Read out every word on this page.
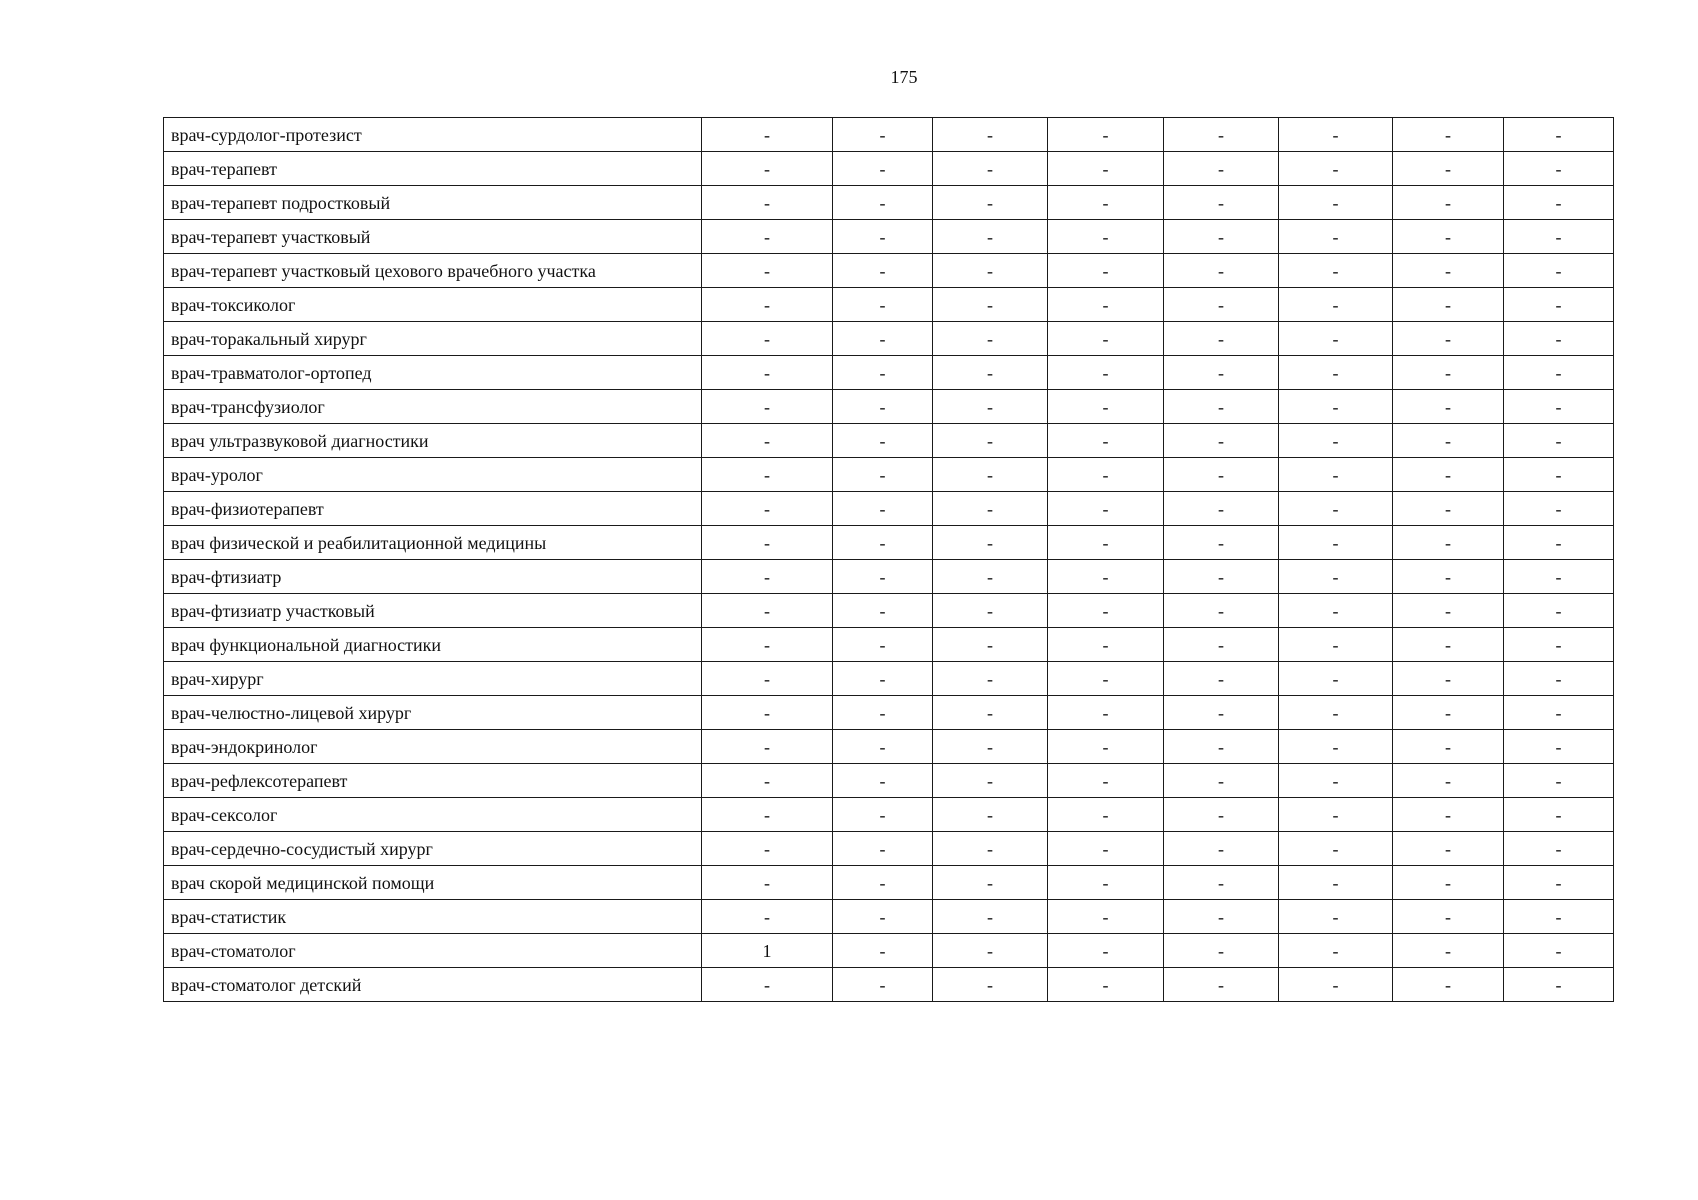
175
врач-сурдолог-протезист	-	-	-	-	-	-	-	-
врач-терапевт	-	-	-	-	-	-	-	-
врач-терапевт подростковый	-	-	-	-	-	-	-	-
врач-терапевт участковый	-	-	-	-	-	-	-	-
врач-терапевт участковый цехового врачебного участка	-	-	-	-	-	-	-	-
врач-токсиколог	-	-	-	-	-	-	-	-
врач-торакальный хирург	-	-	-	-	-	-	-	-
врач-травматолог-ортопед	-	-	-	-	-	-	-	-
врач-трансфузиолог	-	-	-	-	-	-	-	-
врач ультразвуковой диагностики	-	-	-	-	-	-	-	-
врач-уролог	-	-	-	-	-	-	-	-
врач-физиотерапевт	-	-	-	-	-	-	-	-
врач физической и реабилитационной медицины	-	-	-	-	-	-	-	-
врач-фтизиатр	-	-	-	-	-	-	-	-
врач-фтизиатр участковый	-	-	-	-	-	-	-	-
врач функциональной диагностики	-	-	-	-	-	-	-	-
врач-хирург	-	-	-	-	-	-	-	-
врач-челюстно-лицевой хирург	-	-	-	-	-	-	-	-
врач-эндокринолог	-	-	-	-	-	-	-	-
врач-рефлексотерапевт	-	-	-	-	-	-	-	-
врач-сексолог	-	-	-	-	-	-	-	-
врач-сердечно-сосудистый хирург	-	-	-	-	-	-	-	-
врач скорой медицинской помощи	-	-	-	-	-	-	-	-
врач-статистик	-	-	-	-	-	-	-	-
врач-стоматолог	1	-	-	-	-	-	-	-
врач-стоматолог детский	-	-	-	-	-	-	-	-
